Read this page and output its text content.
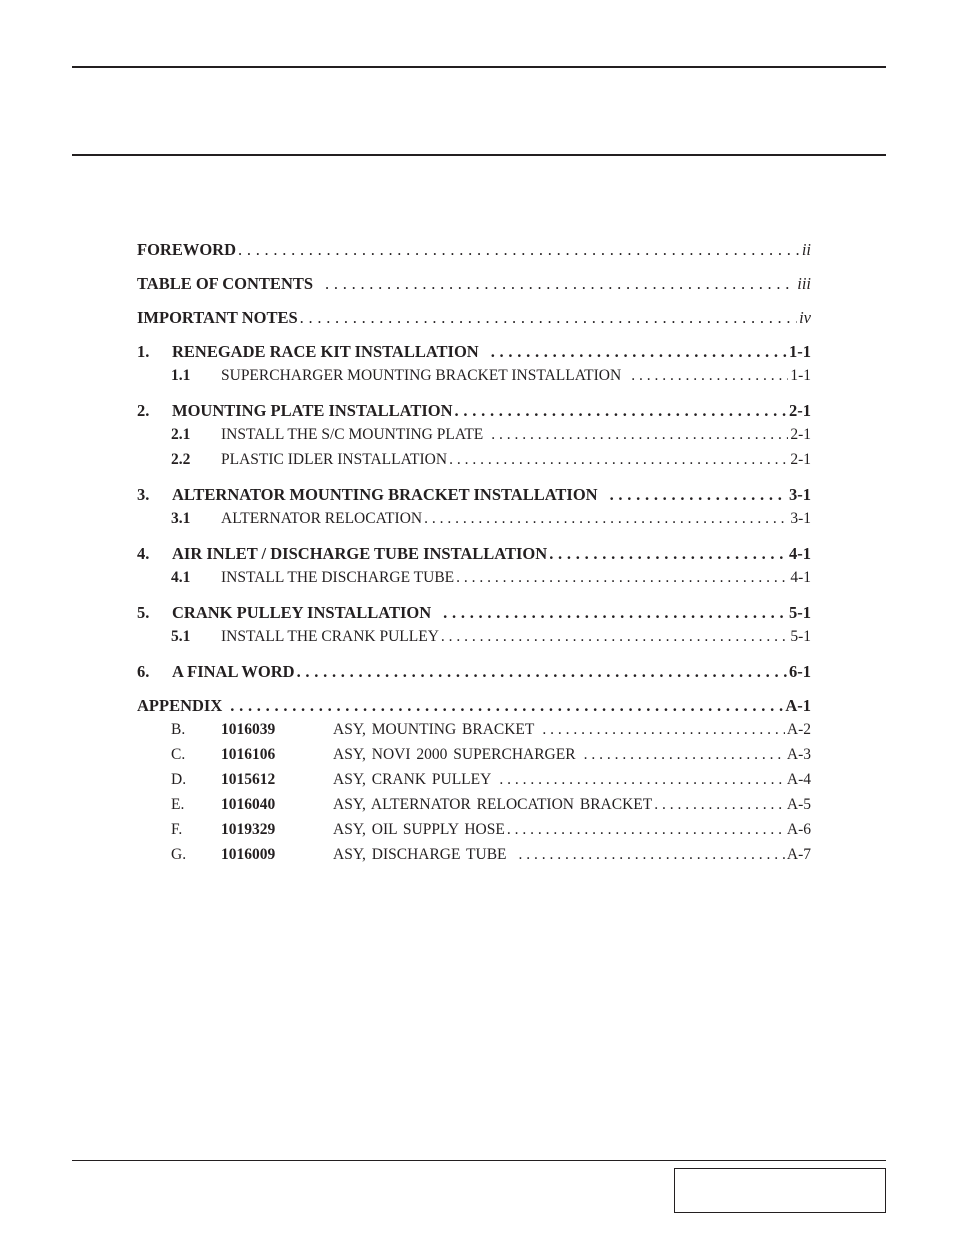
FOREWORD . . .	ii
TABLE OF CONTENTS . . .	iii
IMPORTANT NOTES . . .	iv
1.	RENEGADE RACE KIT INSTALLATION . . .	1-1
1.1	SUPERCHARGER MOUNTING BRACKET INSTALLATION . . .	1-1
2.	MOUNTING PLATE INSTALLATION . . .	2-1
2.1	INSTALL THE S/C MOUNTING PLATE . . .	2-1
2.2	PLASTIC IDLER INSTALLATION . . .	2-1
3.	ALTERNATOR MOUNTING BRACKET INSTALLATION . . .	3-1
3.1	ALTERNATOR RELOCATION . . .	3-1
4.	AIR INLET / DISCHARGE TUBE INSTALLATION . . .	4-1
4.1	INSTALL THE DISCHARGE TUBE . . .	4-1
5.	CRANK PULLEY INSTALLATION . . .	5-1
5.1	INSTALL THE CRANK PULLEY . . .	5-1
6.	A FINAL WORD . . .	6-1
APPENDIX . . .	A-1
B.	1016039	ASY, MOUNTING BRACKET . . .	A-2
C.	1016106	ASY, NOVI 2000 SUPERCHARGER . . .	A-3
D.	1015612	ASY, CRANK PULLEY . . .	A-4
E.	1016040	ASY, ALTERNATOR RELOCATION BRACKET . . .	A-5
F.	1019329	ASY, OIL SUPPLY HOSE . . .	A-6
G.	1016009	ASY, DISCHARGE TUBE . . .	A-7
